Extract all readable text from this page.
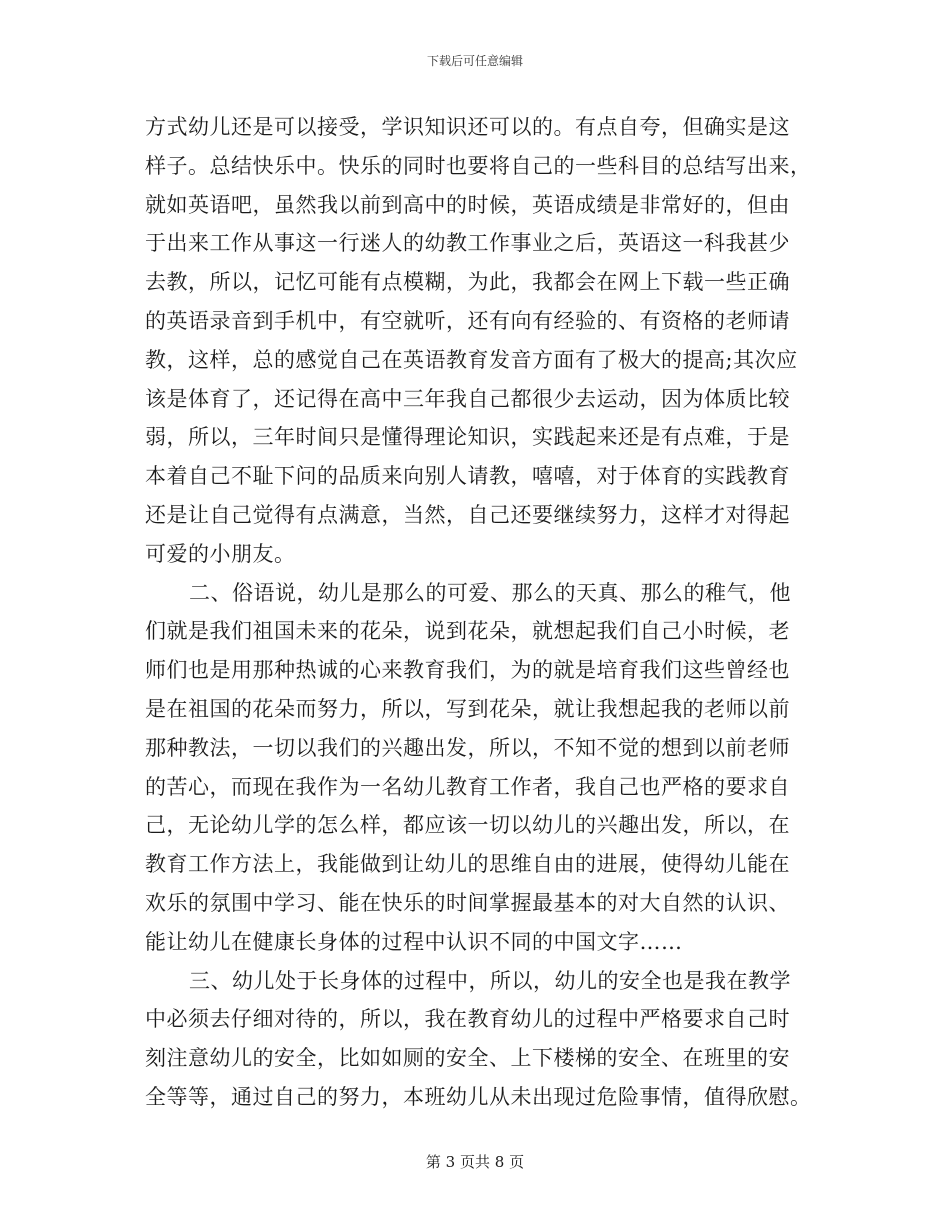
下载后可任意编辑
方式幼儿还是可以接受，学识知识还可以的。有点自夸，但确实是这
样子。总结快乐中。快乐的同时也要将自己的一些科目的总结写出来，
就如英语吧，虽然我以前到高中的时候，英语成绩是非常好的，但由
于出来工作从事这一行迷人的幼教工作事业之后，英语这一科我甚少
去教，所以，记忆可能有点模糊，为此，我都会在网上下载一些正确
的英语录音到手机中，有空就听，还有向有经验的、有资格的老师请
教，这样，总的感觉自己在英语教育发音方面有了极大的提高;其次应
该是体育了，还记得在高中三年我自己都很少去运动，因为体质比较
弱，所以，三年时间只是懂得理论知识，实践起来还是有点难，于是
本着自己不耻下问的品质来向别人请教，嘻嘻，对于体育的实践教育
还是让自己觉得有点满意，当然，自己还要继续努力，这样才对得起
可爱的小朋友。
二、俗语说，幼儿是那么的可爱、那么的天真、那么的稚气，他
们就是我们祖国未来的花朵，说到花朵，就想起我们自己小时候，老
师们也是用那种热诚的心来教育我们，为的就是培育我们这些曾经也
是在祖国的花朵而努力，所以，写到花朵，就让我想起我的老师以前
那种教法，一切以我们的兴趣出发，所以，不知不觉的想到以前老师
的苦心，而现在我作为一名幼儿教育工作者，我自己也严格的要求自
己，无论幼儿学的怎么样，都应该一切以幼儿的兴趣出发，所以，在
教育工作方法上，我能做到让幼儿的思维自由的进展，使得幼儿能在
欢乐的氛围中学习、能在快乐的时间掌握最基本的对大自然的认识、
能让幼儿在健康长身体的过程中认识不同的中国文字……
三、幼儿处于长身体的过程中，所以，幼儿的安全也是我在教学
中必须去仔细对待的，所以，我在教育幼儿的过程中严格要求自己时
刻注意幼儿的安全，比如如厕的安全、上下楼梯的安全、在班里的安
全等等，通过自己的努力，本班幼儿从未出现过危险事情，值得欣慰。
第 3 页共 8 页
